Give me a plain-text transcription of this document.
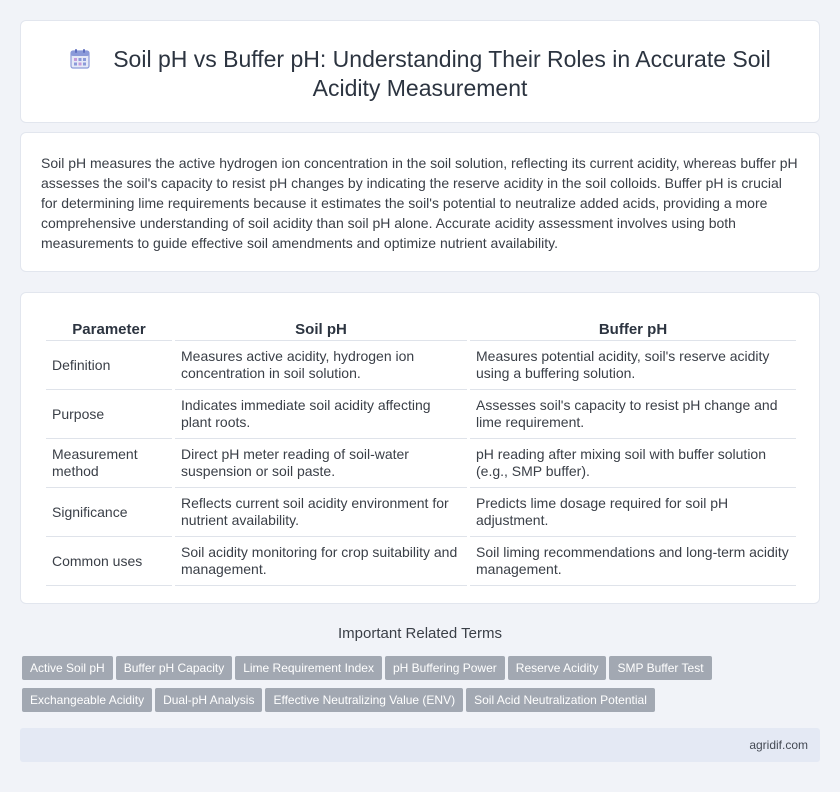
Soil pH vs Buffer pH: Understanding Their Roles in Accurate Soil Acidity Measurement

Soil pH measures the active hydrogen ion concentration in the soil solution, reflecting its current acidity, whereas buffer pH assesses the soil's capacity to resist pH changes by indicating the reserve acidity in the soil colloids. Buffer pH is crucial for determining lime requirements because it estimates the soil's potential to neutralize added acids, providing a more comprehensive understanding of soil acidity than soil pH alone. Accurate acidity assessment involves using both measurements to guide effective soil amendments and optimize nutrient availability.

Parameter	Soil pH	Buffer pH
Definition	Measures active acidity, hydrogen ion concentration in soil solution.	Measures potential acidity, soil's reserve acidity using a buffering solution.
Purpose	Indicates immediate soil acidity affecting plant roots.	Assesses soil's capacity to resist pH change and lime requirement.
Measurement method	Direct pH meter reading of soil-water suspension or soil paste.	pH reading after mixing soil with buffer solution (e.g., SMP buffer).
Significance	Reflects current soil acidity environment for nutrient availability.	Predicts lime dosage required for soil pH adjustment.
Common uses	Soil acidity monitoring for crop suitability and management.	Soil liming recommendations and long-term acidity management.
Important Related Terms
Active Soil pH Buffer pH Capacity Lime Requirement Index pH Buffering Power Reserve Acidity SMP Buffer Test
Exchangeable Acidity Dual-pH Analysis Effective Neutralizing Value (ENV) Soil Acid Neutralization Potential
agridif.com
